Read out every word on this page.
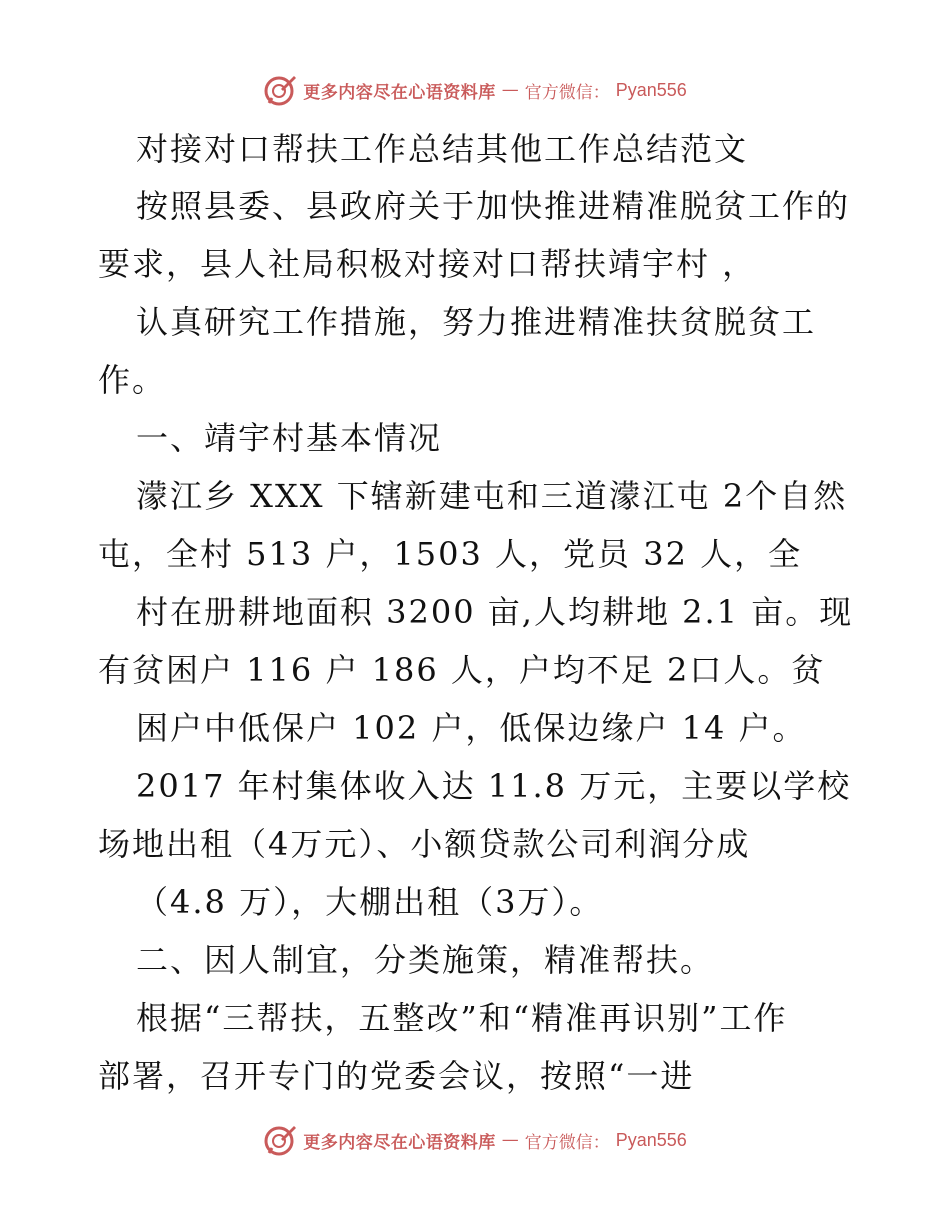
更多内容尽在心语资料库 — 官方微信： Pyan556
对接对口帮扶工作总结其他工作总结范文
按照县委、县政府关于加快推进精准脱贫工作的
要求，县人社局积极对接对口帮扶靖宇村 ，
认真研究工作措施，努力推进精准扶贫脱贫工
作。
一、靖宇村基本情况
濛江乡 XXX 下辖新建屯和三道濛江屯 2个自然
屯，全村 513 户，1503 人，党员 32 人，全
村在册耕地面积 3200 亩,人均耕地 2.1 亩。现
有贫困户 116 户 186 人，户均不足 2口人。贫
困户中低保户 102 户，低保边缘户 14 户。
2017 年村集体收入达 11.8 万元，主要以学校
场地出租（4万元）、小额贷款公司利润分成
（4.8 万），大棚出租（3万）。
二、因人制宜，分类施策，精准帮扶。
根据“三帮扶，五整改”和“精准再识别”工作
部署，召开专门的党委会议，按照“一进
更多内容尽在心语资料库 — 官方微信： Pyan556
